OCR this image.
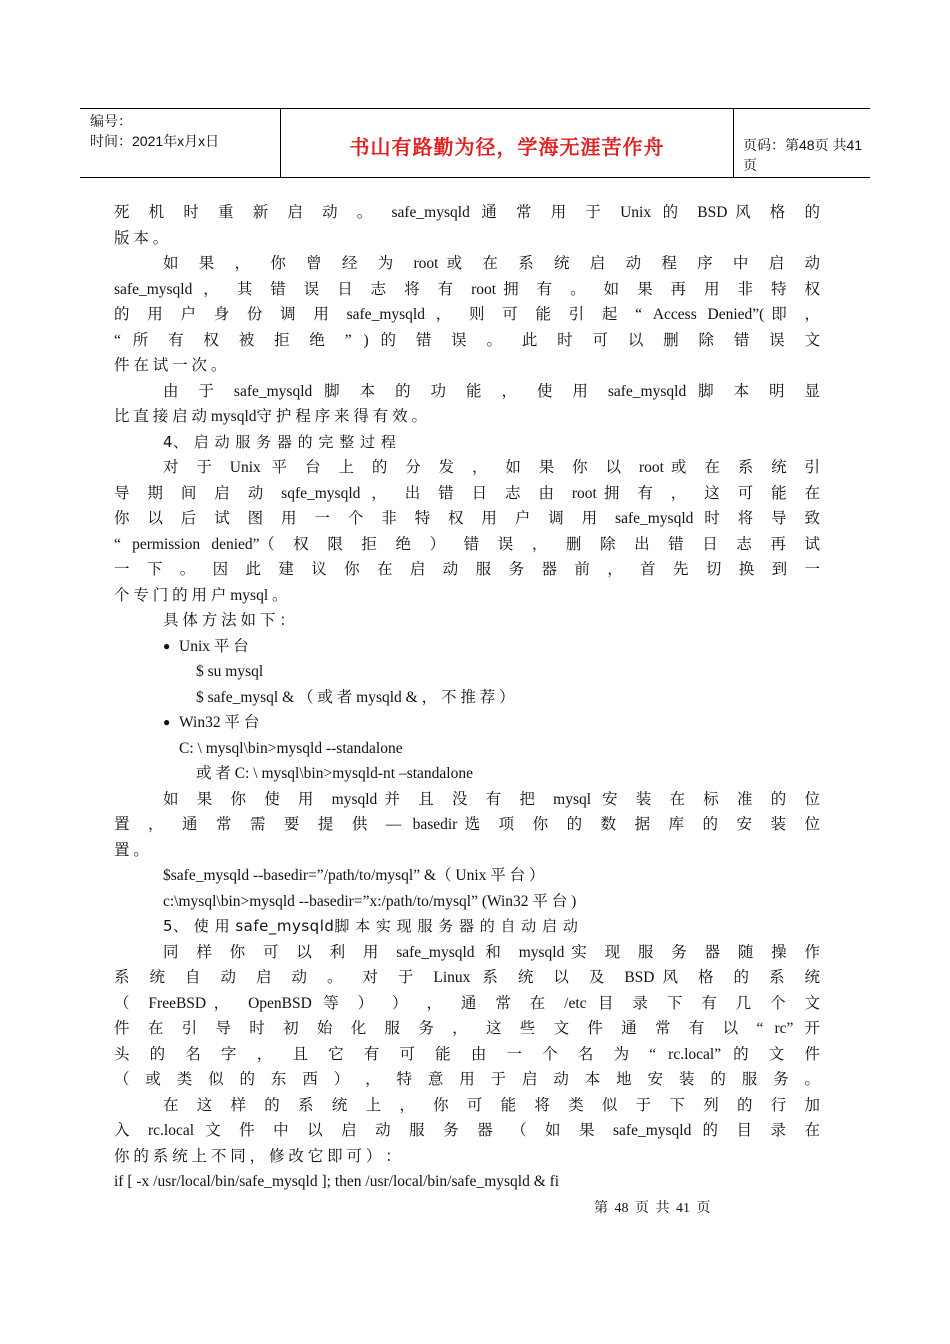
编号：
时间：2021年x月x日	书山有路勤为径，学海无涯苦作舟	页码：第48页 共41页
死 机 时 重 新 启 动 。 safe_mysqld 通 常 用 于 Unix 的 BSD风 格 的
版 本 。
如 果 ， 你 曾 经 为 root或 在 系 统 启 动 程 序 中 启 动
safe_mysqld ， 其 错 误 日 志 将 有 root拥 有 。 如 果 再 用 非 特 权
的 用 户 身 份 调 用 safe_mysqld ， 则 可 能 引 起 “ Access Denied”(即 ，
“ 所 有 权 被 拒 绝 ” ) 的 错 误 。 此 时 可 以 删 除 错 误 文
件 在 试 一 次 。
由 于 safe_mysqld 脚 本 的 功 能 ， 使 用 safe_mysqld 脚 本 明 显
比 直 接 启 动 mysqld守 护 程 序 来 得 有 效 。
4、 启 动 服 务 器 的 完 整 过 程
对 于 Unix 平 台 上 的 分 发 ， 如 果 你 以 root或 在 系 统 引
导 期 间 启 动 sqfe_mysqld ， 出 错 日 志 由 root拥 有 ， 这 可 能 在
你 以 后 试 图 用 一 个 非 特 权 用 户 调 用 safe_mysqld 时 将 导 致
“ permission denied”（ 权 限 拒 绝 ） 错 误 ， 删 除 出 错 日 志 再 试
一 下 。 因 此 建 议 你 在 启 动 服 务 器 前 ， 首 先 切 换 到 一
个 专 门 的 用 户 mysql 。
具 体 方 法 如 下 ：
● Unix 平 台
$ su mysql
$ safe_mysql & （ 或 者 mysqld & ， 不 推 荐 ）
● Win32 平 台
C: \ mysql\bin>mysqld --standalone
或 者 C: \ mysql\bin>mysqld-nt –standalone
如 果 你 使 用 mysqld并 且 没 有 把 mysql 安 装 在 标 准 的 位
置 ， 通 常 需 要 提 供 — basedir选 项 你 的 数 据 库 的 安 装 位
置 。
$safe_mysqld --basedir=”/path/to/mysql” &（ Unix 平 台 ）
c:\mysql\bin>mysqld --basedir=”x:/path/to/mysql” (Win32 平 台 )
5、 使 用 safe_mysqld脚 本 实 现 服 务 器 的 自 动 启 动
同 样 你 可 以 利 用 safe_mysqld 和 mysqld实 现 服 务 器 随 操 作
系 统 自 动 启 动 。 对 于 Linux 系 统 以 及 BSD风 格 的 系 统
（ FreeBSD， OpenBSD 等 ） ） ， 通 常 在 /etc 目 录 下 有 几 个 文
件 在 引 导 时 初 始 化 服 务 ， 这 些 文 件 通 常 有 以 “ rc” 开
头 的 名 字 ， 且 它 有 可 能 由 一 个 名 为 “ rc.local” 的 文 件
（ 或 类 似 的 东 西 ） ， 特 意 用 于 启 动 本 地 安 装 的 服 务 。
在 这 样 的 系 统 上 ， 你 可 能 将 类 似 于 下 列 的 行 加
入 rc.local 文 件 中 以 启 动 服 务 器 （ 如 果 safe_mysqld 的 目 录 在
你 的 系 统 上 不 同 ， 修 改 它 即 可 ） ：
if [ -x /usr/local/bin/safe_mysqld ]; then /usr/local/bin/safe_mysqld & fi
第 48 页 共 41 页
